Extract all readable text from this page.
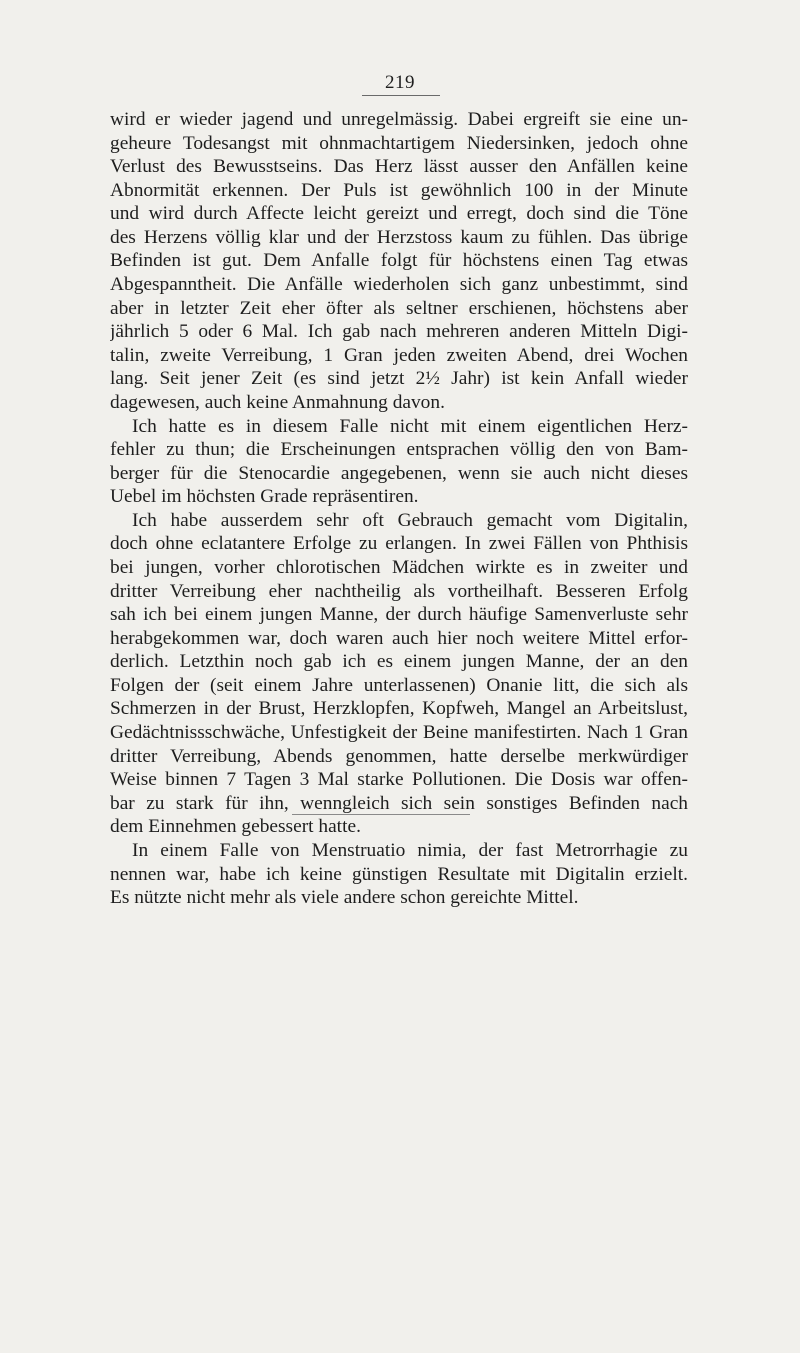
219
wird er wieder jagend und unregelmässig. Dabei ergreift sie eine un-
geheure Todesangst mit ohnmachtartigem Niedersinken, jedoch ohne
Verlust des Bewusstseins. Das Herz lässt ausser den Anfällen keine
Abnormität erkennen. Der Puls ist gewöhnlich 100 in der Minute
und wird durch Affecte leicht gereizt und erregt, doch sind die Töne
des Herzens völlig klar und der Herzstoss kaum zu fühlen. Das übrige
Befinden ist gut. Dem Anfalle folgt für höchstens einen Tag etwas
Abgespanntheit. Die Anfälle wiederholen sich ganz unbestimmt, sind
aber in letzter Zeit eher öfter als seltner erschienen, höchstens aber
jährlich 5 oder 6 Mal. Ich gab nach mehreren anderen Mitteln Digi-
talin, zweite Verreibung, 1 Gran jeden zweiten Abend, drei Wochen
lang. Seit jener Zeit (es sind jetzt 2½ Jahr) ist kein Anfall wieder
dagewesen, auch keine Anmahnung davon.
Ich hatte es in diesem Falle nicht mit einem eigentlichen Herz-
fehler zu thun; die Erscheinungen entsprachen völlig den von Bam-
berger für die Stenocardie angegebenen, wenn sie auch nicht dieses
Uebel im höchsten Grade repräsentiren.
Ich habe ausserdem sehr oft Gebrauch gemacht vom Digitalin,
doch ohne eclatantere Erfolge zu erlangen. In zwei Fällen von Phthisis
bei jungen, vorher chlorotischen Mädchen wirkte es in zweiter und
dritter Verreibung eher nachtheilig als vortheilhaft. Besseren Erfolg
sah ich bei einem jungen Manne, der durch häufige Samenverluste sehr
herabgekommen war, doch waren auch hier noch weitere Mittel erfor-
derlich. Letzthin noch gab ich es einem jungen Manne, der an den
Folgen der (seit einem Jahre unterlassenen) Onanie litt, die sich als
Schmerzen in der Brust, Herzklopfen, Kopfweh, Mangel an Arbeitslust,
Gedächtnissschwäche, Unfestigkeit der Beine manifestirten. Nach 1 Gran
dritter Verreibung, Abends genommen, hatte derselbe merkwürdiger
Weise binnen 7 Tagen 3 Mal starke Pollutionen. Die Dosis war offen-
bar zu stark für ihn, wenngleich sich sein sonstiges Befinden nach
dem Einnehmen gebessert hatte.
In einem Falle von Menstruatio nimia, der fast Metrorrhagie zu
nennen war, habe ich keine günstigen Resultate mit Digitalin erzielt.
Es nützte nicht mehr als viele andere schon gereichte Mittel.
